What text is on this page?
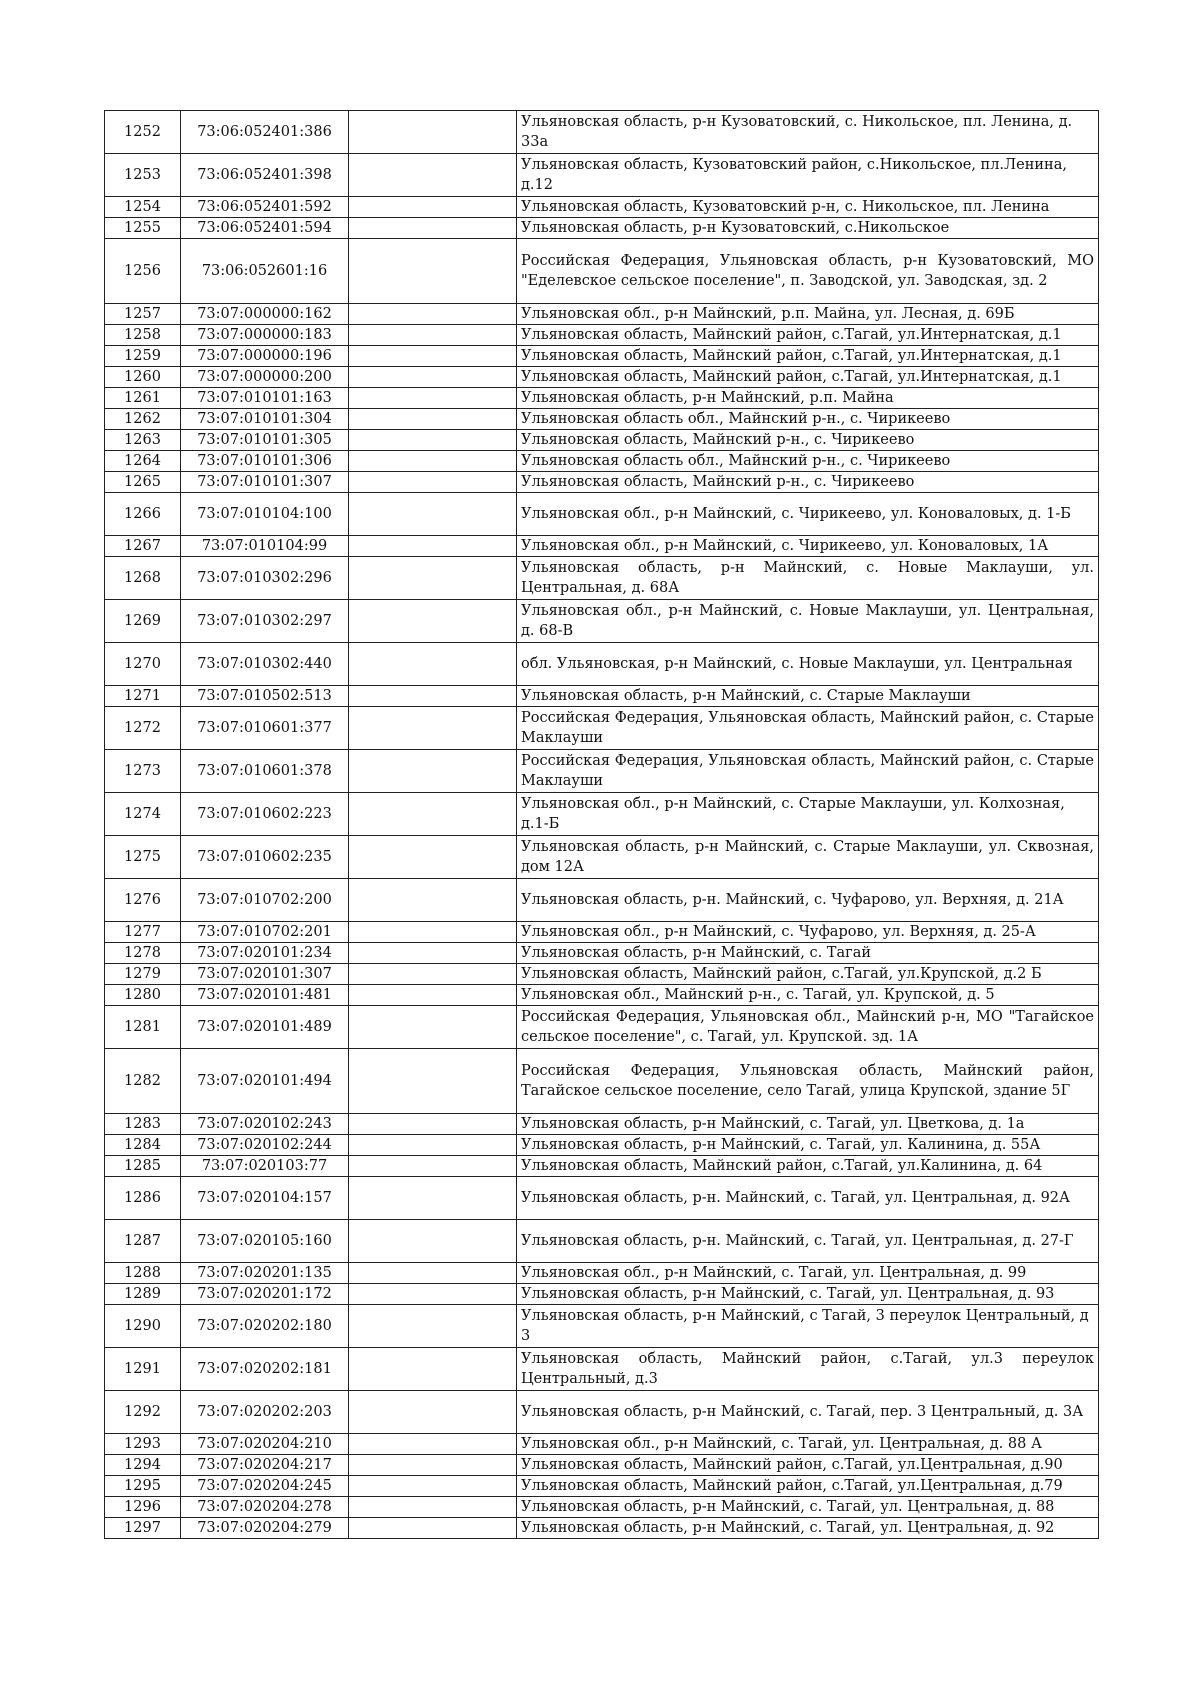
1252	73:06:052401:386		Ульяновская область, р-н Кузоватовский, с. Никольское, пл. Ленина, д. 33а
1253	73:06:052401:398		Ульяновская область, Кузоватовский район, с.Никольское, пл.Ленина, д.12
1254	73:06:052401:592		Ульяновская область, Кузоватовский р-н, с. Никольское, пл. Ленина
1255	73:06:052401:594		Ульяновская область, р-н Кузоватовский, с.Никольское
1256	73:06:052601:16		Российская Федерация, Ульяновская область, р-н Кузоватовский, МО "Еделевское сельское поселение", п. Заводской, ул. Заводская, зд. 2
1257	73:07:000000:162		Ульяновская обл., р-н Майнский, р.п. Майна, ул. Лесная, д. 69Б
1258	73:07:000000:183		Ульяновская область, Майнский район, с.Тагай, ул.Интернатская, д.1
1259	73:07:000000:196		Ульяновская область, Майнский район, с.Тагай, ул.Интернатская, д.1
1260	73:07:000000:200		Ульяновская область, Майнский район, с.Тагай, ул.Интернатская, д.1
1261	73:07:010101:163		Ульяновская область, р-н Майнский, р.п. Майна
1262	73:07:010101:304		Ульяновская область обл., Майнский р-н., с. Чирикеево
1263	73:07:010101:305		Ульяновская область, Майнский р-н., с. Чирикеево
1264	73:07:010101:306		Ульяновская область обл., Майнский р-н., с. Чирикеево
1265	73:07:010101:307		Ульяновская область, Майнский р-н., с. Чирикеево
1266	73:07:010104:100		Ульяновская обл., р-н Майнский, с. Чирикеево, ул. Коноваловых, д. 1-Б
1267	73:07:010104:99		Ульяновская обл., р-н Майнский, с. Чирикеево, ул. Коноваловых, 1А
1268	73:07:010302:296		Ульяновская область, р-н Майнский, с. Новые Маклауши, ул. Центральная, д. 68А
1269	73:07:010302:297		Ульяновская обл., р-н Майнский, с. Новые Маклауши, ул. Центральная, д. 68-В
1270	73:07:010302:440		обл. Ульяновская, р-н Майнский, с. Новые Маклауши, ул. Центральная
1271	73:07:010502:513		Ульяновская область, р-н Майнский, с. Старые Маклауши
1272	73:07:010601:377		Российская Федерация, Ульяновская область, Майнский район, с. Старые Маклауши
1273	73:07:010601:378		Российская Федерация, Ульяновская область, Майнский район, с. Старые Маклауши
1274	73:07:010602:223		Ульяновская обл., р-н Майнский, с. Старые Маклауши, ул. Колхозная, д.1-Б
1275	73:07:010602:235		Ульяновская область, р-н Майнский, с. Старые Маклауши, ул. Сквозная, дом 12А
1276	73:07:010702:200		Ульяновская область, р-н. Майнский, с. Чуфарово, ул. Верхняя, д. 21А
1277	73:07:010702:201		Ульяновская обл., р-н Майнский, с. Чуфарово, ул. Верхняя, д. 25-А
1278	73:07:020101:234		Ульяновская область, р-н Майнский, с. Тагай
1279	73:07:020101:307		Ульяновская область, Майнский район, с.Тагай, ул.Крупской, д.2 Б
1280	73:07:020101:481		Ульяновская обл., Майнский р-н., с. Тагай, ул. Крупской, д. 5
1281	73:07:020101:489		Российская Федерация, Ульяновская обл., Майнский р-н, МО "Тагайское сельское поселение", с. Тагай, ул. Крупской. зд. 1А
1282	73:07:020101:494		Российская Федерация, Ульяновская область, Майнский район, Тагайское сельское поселение, село Тагай, улица Крупской, здание 5Г
1283	73:07:020102:243		Ульяновская область, р-н Майнский, с. Тагай, ул. Цветкова, д. 1а
1284	73:07:020102:244		Ульяновская область, р-н Майнский, с. Тагай, ул. Калинина, д. 55А
1285	73:07:020103:77		Ульяновская область, Майнский район, с.Тагай, ул.Калинина, д. 64
1286	73:07:020104:157		Ульяновская область, р-н. Майнский, с. Тагай, ул. Центральная, д. 92А
1287	73:07:020105:160		Ульяновская область, р-н. Майнский, с. Тагай, ул. Центральная, д. 27-Г
1288	73:07:020201:135		Ульяновская обл., р-н Майнский, с. Тагай, ул. Центральная, д. 99
1289	73:07:020201:172		Ульяновская область, р-н Майнский, с. Тагай, ул. Центральная, д. 93
1290	73:07:020202:180		Ульяновская область, р-н Майнский, с Тагай, 3 переулок Центральный, д 3
1291	73:07:020202:181		Ульяновская область, Майнский район, с.Тагай, ул.3 переулок Центральный, д.3
1292	73:07:020202:203		Ульяновская область, р-н Майнский, с. Тагай, пер. 3 Центральный, д. 3А
1293	73:07:020204:210		Ульяновская обл., р-н Майнский, с. Тагай, ул. Центральная, д. 88 А
1294	73:07:020204:217		Ульяновская область, Майнский район, с.Тагай, ул.Центральная, д.90
1295	73:07:020204:245		Ульяновская область, Майнский район, с.Тагай, ул.Центральная, д.79
1296	73:07:020204:278		Ульяновская область, р-н Майнский, с. Тагай, ул. Центральная, д. 88
1297	73:07:020204:279		Ульяновская область, р-н Майнский, с. Тагай, ул. Центральная, д. 92
